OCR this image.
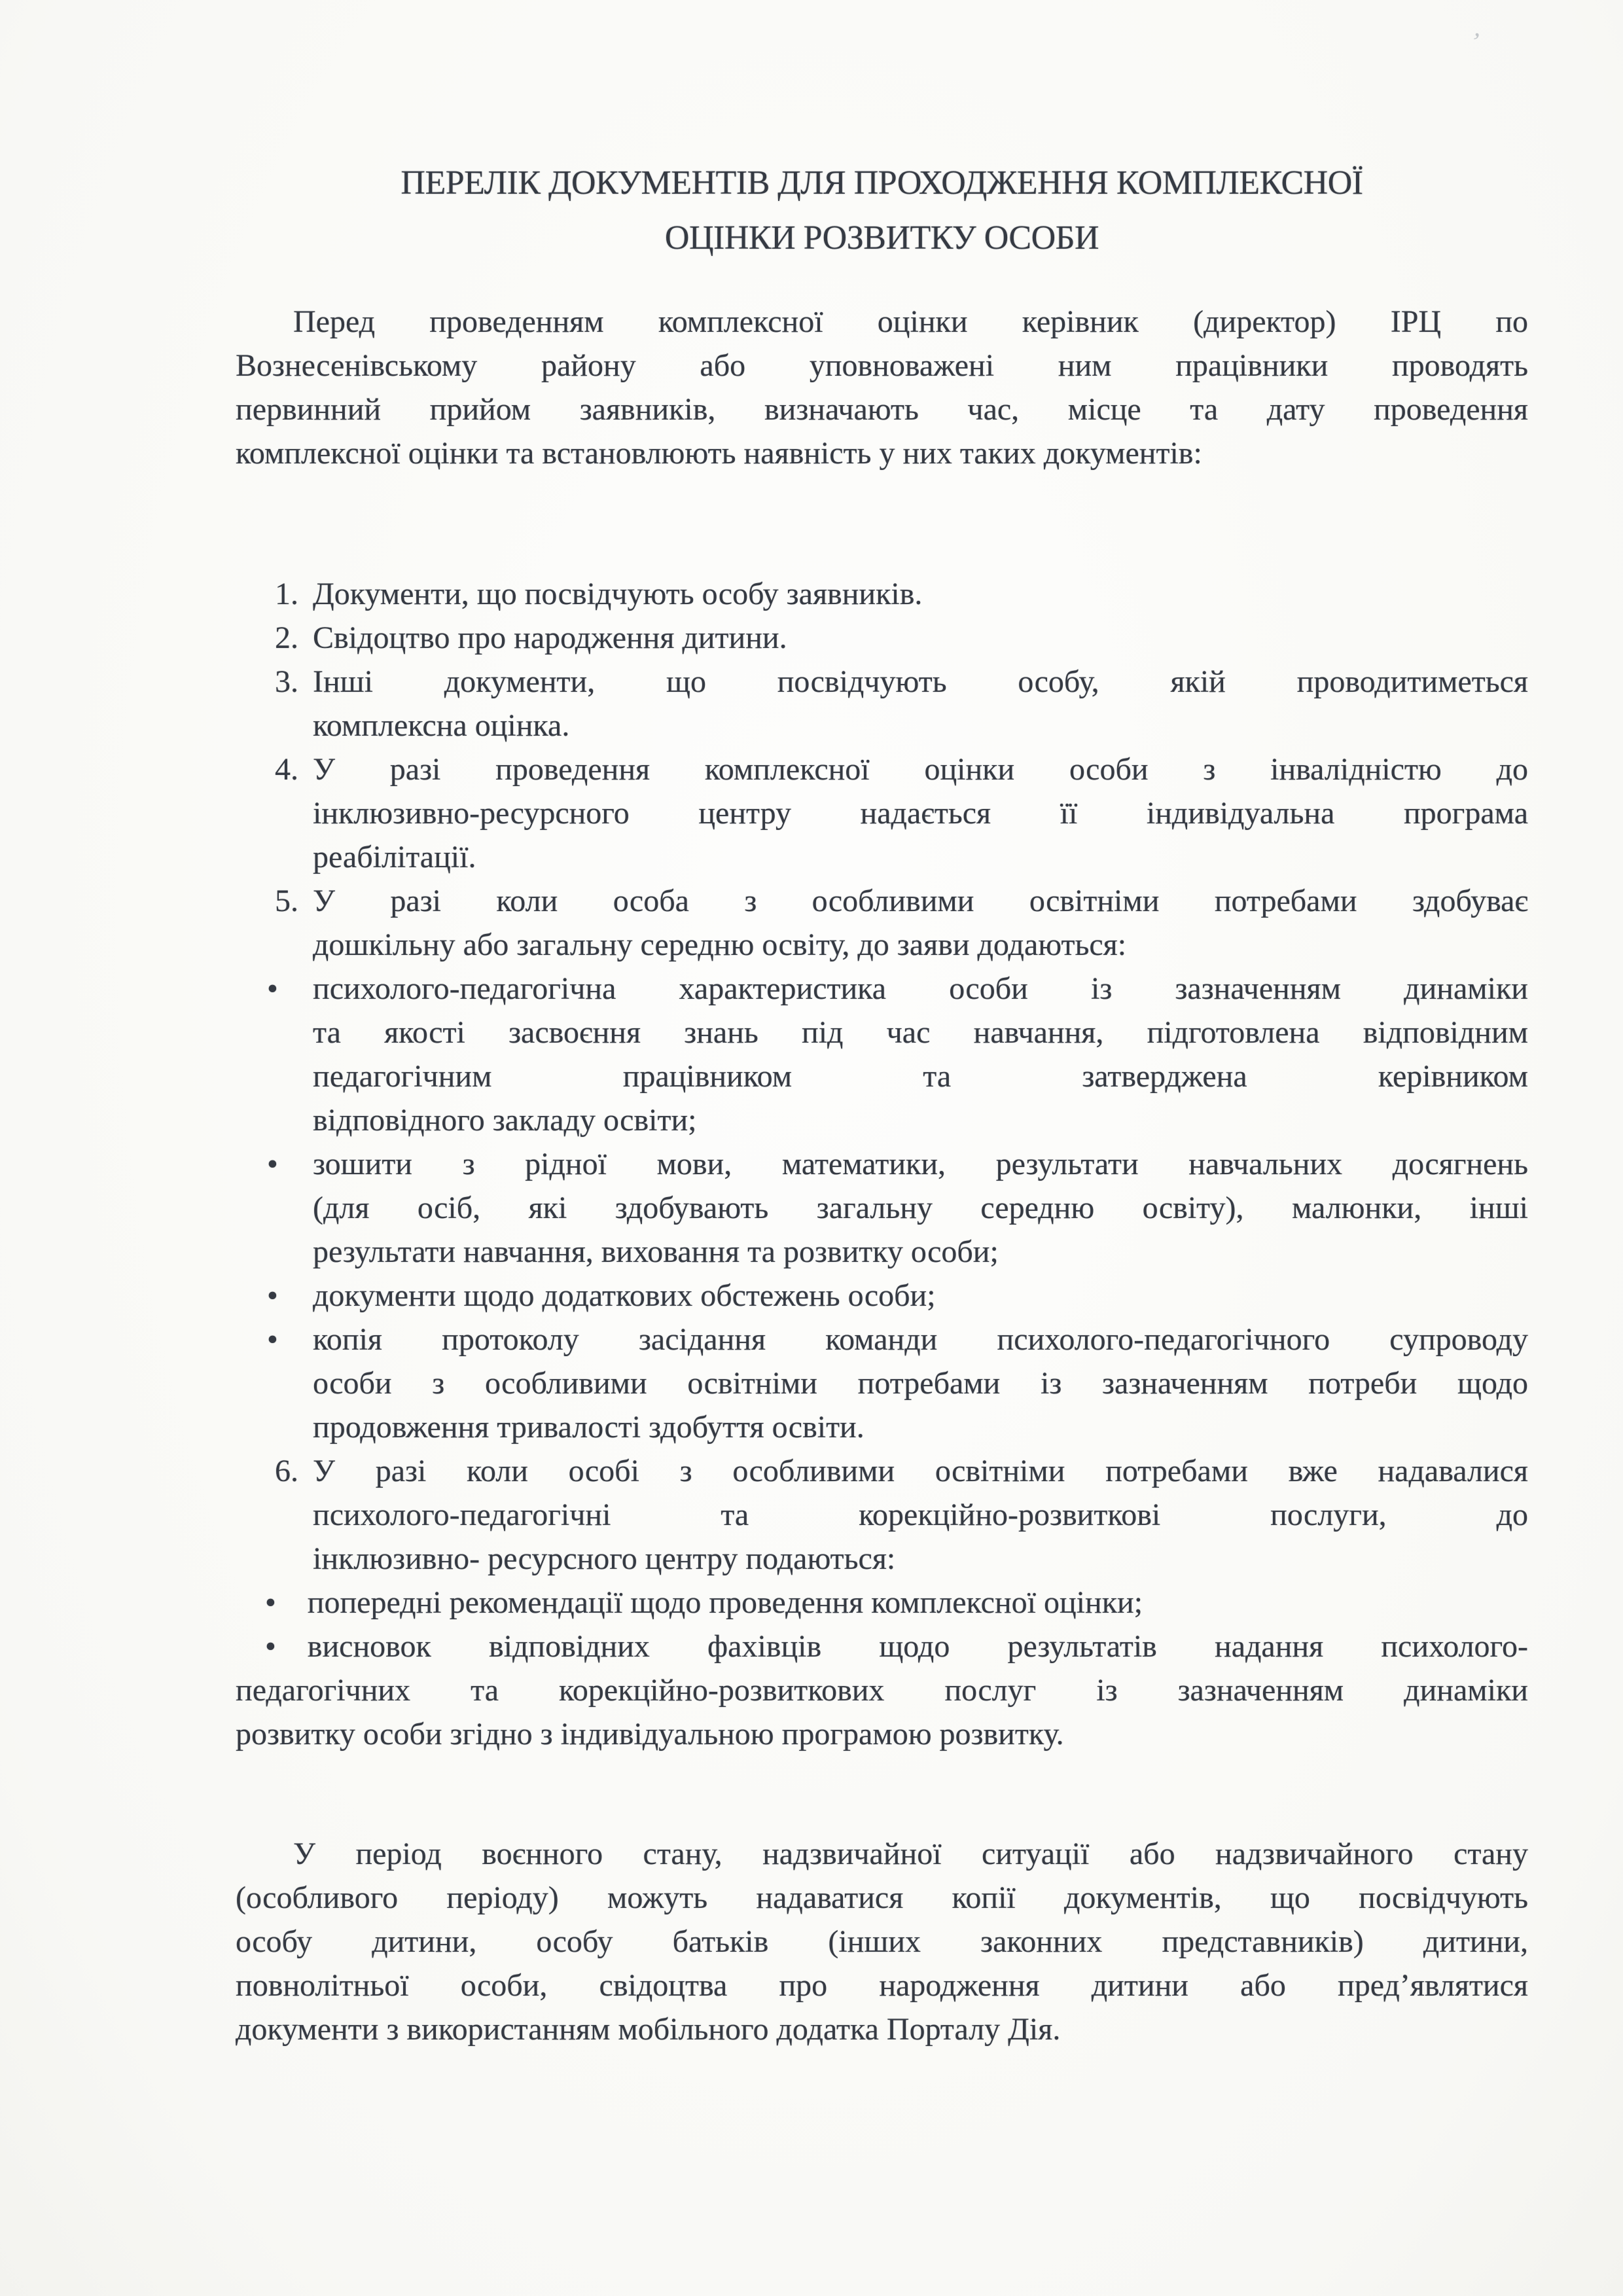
’
ПЕРЕЛІК ДОКУМЕНТІВ ДЛЯ ПРОХОДЖЕННЯ КОМПЛЕКСНОЇ
ОЦІНКИ РОЗВИТКУ ОСОБИ
Перед проведенням комплексної оцінки керівник (директор) ІРЦ по
Вознесенівському району або уповноважені ним працівники проводять
первинний прийом заявників, визначають час, місце та дату проведення
комплексної оцінки та встановлюють наявність у них таких документів:
1. Документи, що посвідчують особу заявників.
2. Свідоцтво про народження дитини.
3. Інші документи, що посвідчують особу, якій проводитиметься
комплексна оцінка.
4. У разі проведення комплексної оцінки особи з інвалідністю до
інклюзивно-ресурсного центру надається її індивідуальна програма
реабілітації.
5. У разі коли особа з особливими освітніми потребами здобуває
дошкільну або загальну середню освіту, до заяви додаються:
•	психолого-педагогічна характеристика особи із зазначенням динаміки
та якості засвоєння знань під час навчання, підготовлена відповідним
педагогічним працівником та затверджена керівником
відповідного закладу освіти;
•	зошити з рідної мови, математики, результати навчальних досягнень
(для осіб, які здобувають загальну середню освіту), малюнки, інші
результати навчання, виховання та розвитку особи;
•	документи щодо додаткових обстежень особи;
•	копія протоколу засідання команди психолого-педагогічного супроводу
особи з особливими освітніми потребами із зазначенням потреби щодо
продовження тривалості здобуття освіти.
6. У разі коли особі з особливими освітніми потребами вже надавалися
психолого-педагогічні та корекційно-розвиткові послуги, до
інклюзивно- ресурсного центру подаються:
• попередні рекомендації щодо проведення комплексної оцінки;
• висновок відповідних фахівців щодо результатів надання психолого-
педагогічних та корекційно-розвиткових послуг із зазначенням динаміки
розвитку особи згідно з індивідуальною програмою розвитку.
У період воєнного стану, надзвичайної ситуації або надзвичайного стану
(особливого періоду) можуть надаватися копії документів, що посвідчують
особу дитини, особу батьків (інших законних представників) дитини,
повнолітньої особи, свідоцтва про народження дитини або пред’являтися
документи з використанням мобільного додатка Порталу Дія.
